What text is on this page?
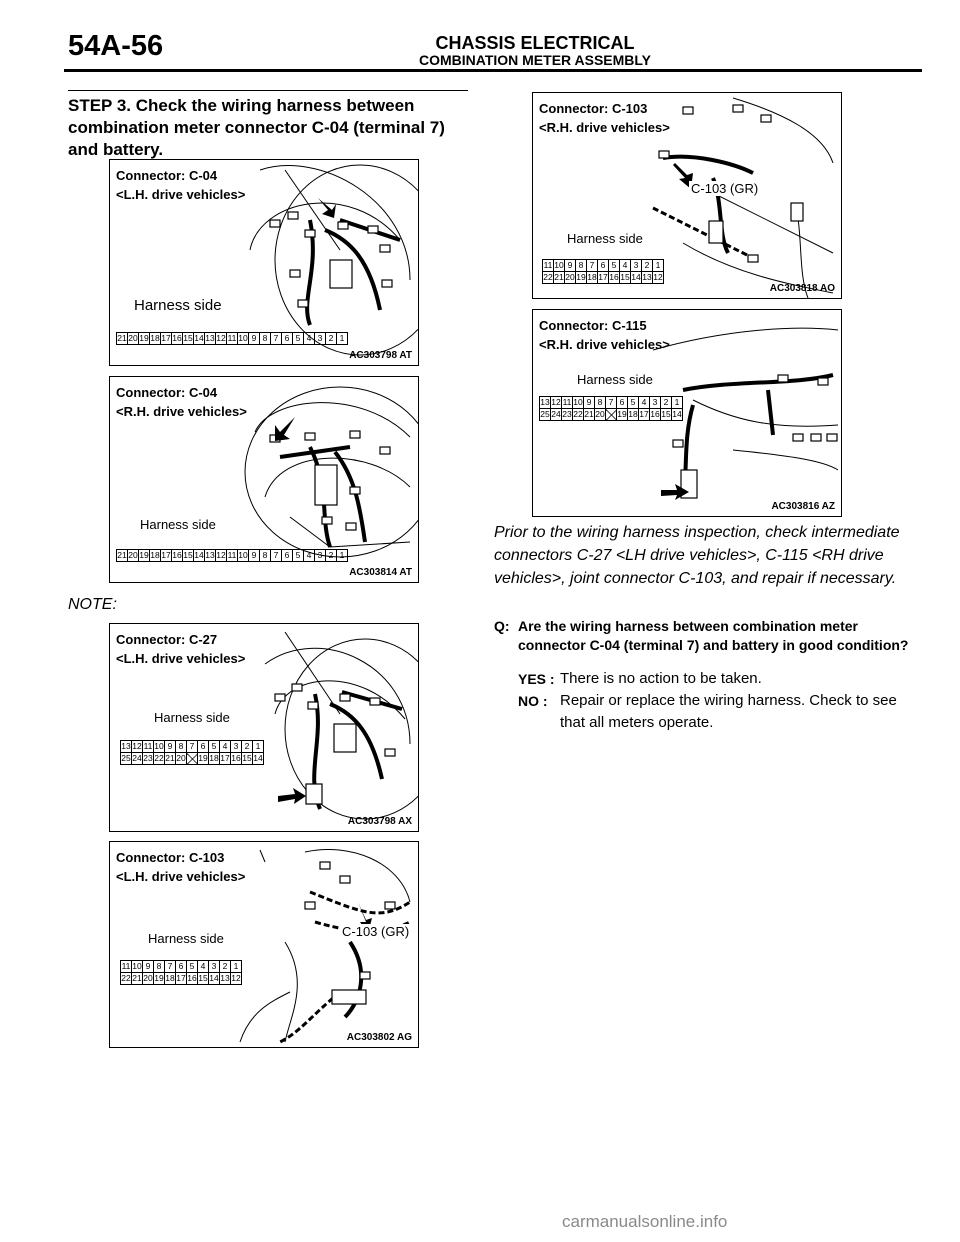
54A-56	CHASSIS ELECTRICAL
COMBINATION METER ASSEMBLY
STEP 3. Check the wiring harness between combination meter connector C-04 (terminal 7) and battery.
Connector: C-04
<L.H. drive vehicles>
Harness side
21	20	19	18	17	16	15	14	13	12	11	10	9	8	7	6	5	4	3	2	1
AC303798 AT
Connector: C-04
<R.H. drive vehicles>
Harness side
21	20	19	18	17	16	15	14	13	12	11	10	9	8	7	6	5	4	3	2	1
AC303814 AT
NOTE:
Connector: C-27
<L.H. drive vehicles>
Harness side
13	12	11	10	9	8	7	6	5	4	3	2	1
25	24	23	22	21	20		19	18	17	16	15	14
AC303798 AX
Connector: C-103
<L.H. drive vehicles>
C-103 (GR)
Harness side
11	10	9	8	7	6	5	4	3	2	1
22	21	20	19	18	17	16	15	14	13	12
AC303802 AG
Connector: C-103
<R.H. drive vehicles>
C-103 (GR)
Harness side
11	10	9	8	7	6	5	4	3	2	1
22	21	20	19	18	17	16	15	14	13	12
AC303818 AO
Connector: C-115
<R.H. drive vehicles>
Harness side
13	12	11	10	9	8	7	6	5	4	3	2	1
25	24	23	22	21	20		19	18	17	16	15	14
AC303816 AZ
Prior to the wiring harness inspection, check intermediate connectors C-27 <LH drive vehicles>, C-115 <RH drive vehicles>, joint connector C-103, and repair if necessary.
Q: Are the wiring harness between combination meter connector C-04 (terminal 7) and battery in good condition?
YES : There is no action to be taken.
NO : Repair or replace the wiring harness. Check to see that all meters operate.
carmanualsonline.info
